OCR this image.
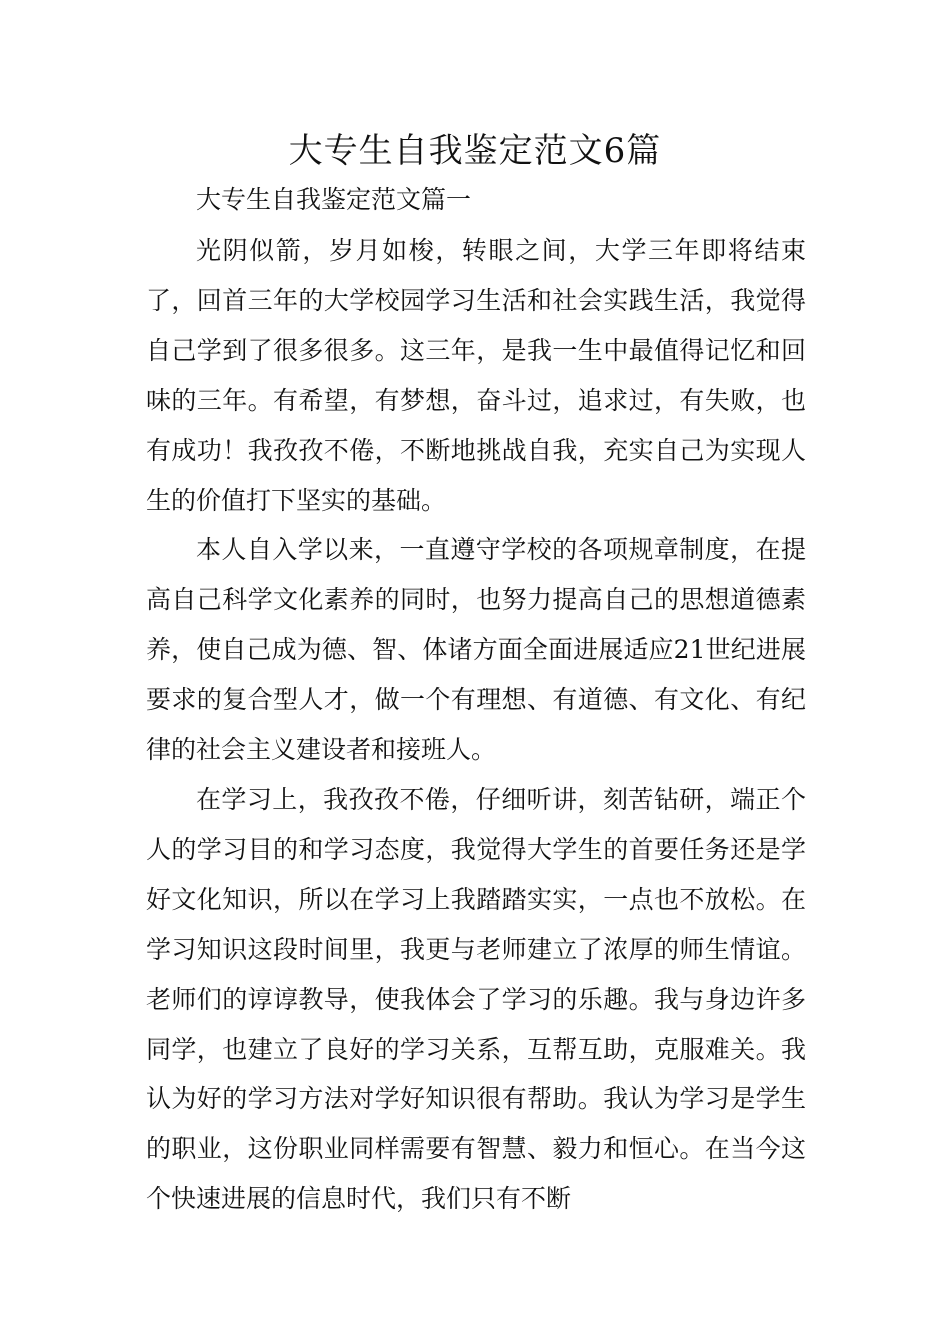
大专生自我鉴定范文6篇

大专生自我鉴定范文篇一

光阴似箭，岁月如梭，转眼之间，大学三年即将结束了，回首三年的大学校园学习生活和社会实践生活，我觉得自己学到了很多很多。这三年，是我一生中最值得记忆和回味的三年。有希望，有梦想，奋斗过，追求过，有失败，也有成功！我孜孜不倦，不断地挑战自我，充实自己为实现人生的价值打下坚实的基础。

本人自入学以来，一直遵守学校的各项规章制度，在提高自己科学文化素养的同时，也努力提高自己的思想道德素养，使自己成为德、智、体诸方面全面进展适应21世纪进展要求的复合型人才，做一个有理想、有道德、有文化、有纪律的社会主义建设者和接班人。

在学习上，我孜孜不倦，仔细听讲，刻苦钻研，端正个人的学习目的和学习态度，我觉得大学生的首要任务还是学好文化知识，所以在学习上我踏踏实实，一点也不放松。在学习知识这段时间里，我更与老师建立了浓厚的师生情谊。老师们的谆谆教导，使我体会了学习的乐趣。我与身边许多同学，也建立了良好的学习关系，互帮互助，克服难关。我认为好的学习方法对学好知识很有帮助。我认为学习是学生的职业，这份职业同样需要有智慧、毅力和恒心。在当今这个快速进展的信息时代，我们只有不断
